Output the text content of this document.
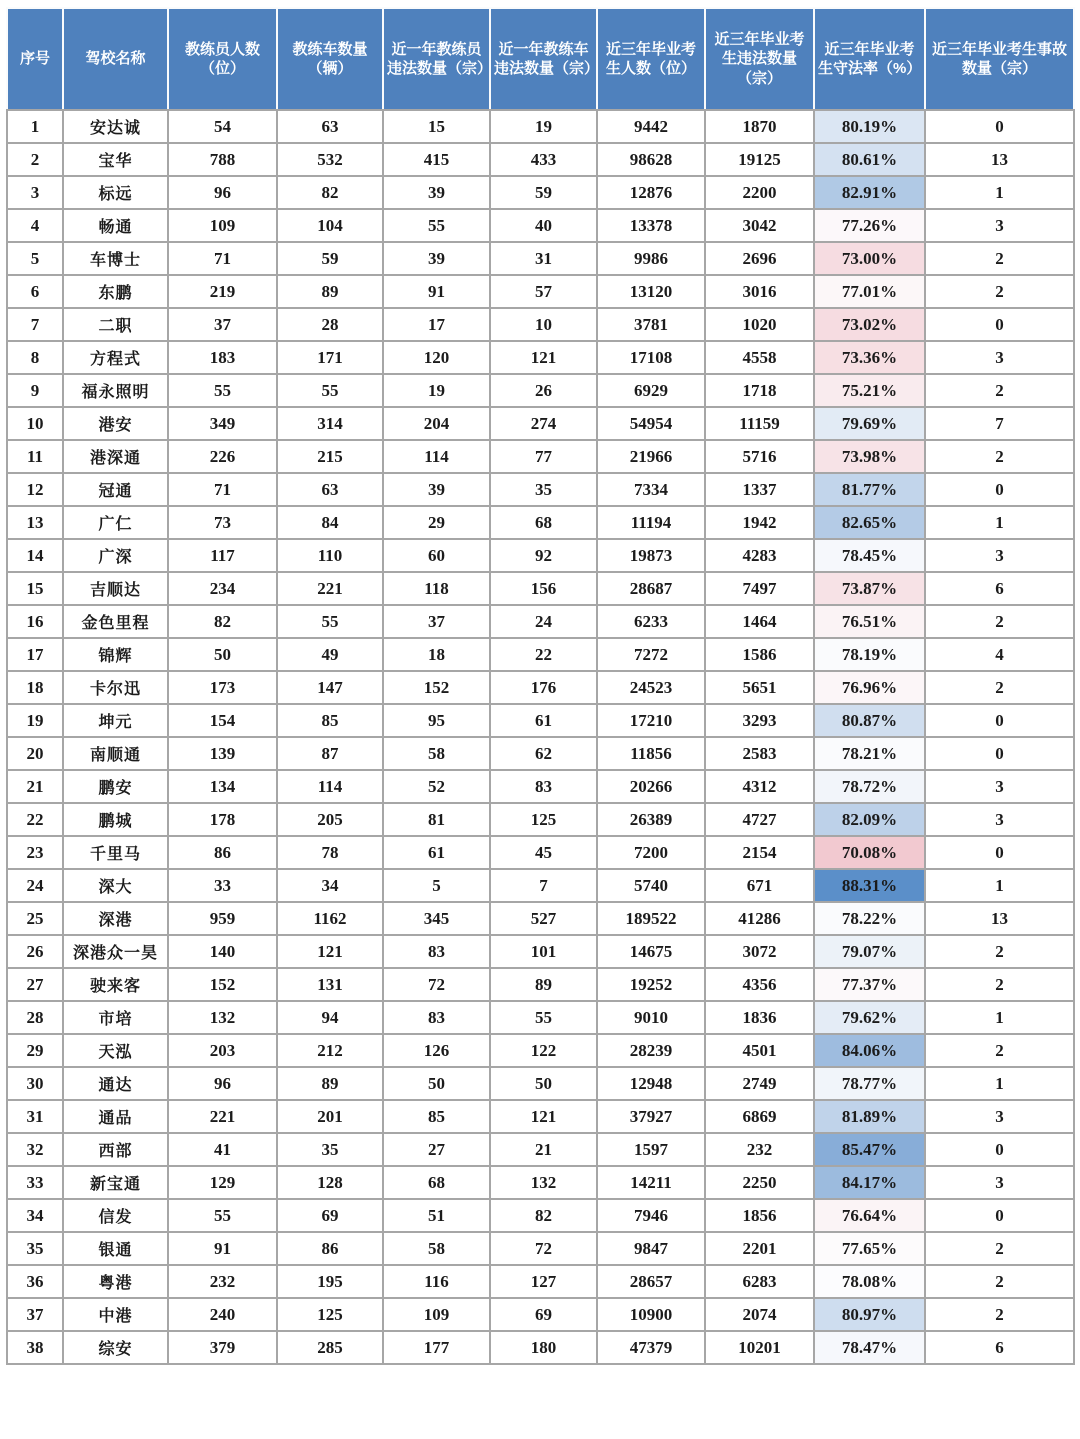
序号	驾校名称	教练员人数（位）	教练车数量（辆）	近一年教练员违法数量（宗）	近一年教练车违法数量（宗）	近三年毕业考生人数（位）	近三年毕业考生违法数量（宗）	近三年毕业考生守法率（%）	近三年毕业考生事故数量（宗）
1	安达诚	54	63	15	19	9442	1870	80.19%	0
2	宝华	788	532	415	433	98628	19125	80.61%	13
3	标远	96	82	39	59	12876	2200	82.91%	1
4	畅通	109	104	55	40	13378	3042	77.26%	3
5	车博士	71	59	39	31	9986	2696	73.00%	2
6	东鹏	219	89	91	57	13120	3016	77.01%	2
7	二职	37	28	17	10	3781	1020	73.02%	0
8	方程式	183	171	120	121	17108	4558	73.36%	3
9	福永照明	55	55	19	26	6929	1718	75.21%	2
10	港安	349	314	204	274	54954	11159	79.69%	7
11	港深通	226	215	114	77	21966	5716	73.98%	2
12	冠通	71	63	39	35	7334	1337	81.77%	0
13	广仁	73	84	29	68	11194	1942	82.65%	1
14	广深	117	110	60	92	19873	4283	78.45%	3
15	吉顺达	234	221	118	156	28687	7497	73.87%	6
16	金色里程	82	55	37	24	6233	1464	76.51%	2
17	锦辉	50	49	18	22	7272	1586	78.19%	4
18	卡尔迅	173	147	152	176	24523	5651	76.96%	2
19	坤元	154	85	95	61	17210	3293	80.87%	0
20	南顺通	139	87	58	62	11856	2583	78.21%	0
21	鹏安	134	114	52	83	20266	4312	78.72%	3
22	鹏城	178	205	81	125	26389	4727	82.09%	3
23	千里马	86	78	61	45	7200	2154	70.08%	0
24	深大	33	34	5	7	5740	671	88.31%	1
25	深港	959	1162	345	527	189522	41286	78.22%	13
26	深港众一昊	140	121	83	101	14675	3072	79.07%	2
27	驶来客	152	131	72	89	19252	4356	77.37%	2
28	市培	132	94	83	55	9010	1836	79.62%	1
29	天泓	203	212	126	122	28239	4501	84.06%	2
30	通达	96	89	50	50	12948	2749	78.77%	1
31	通品	221	201	85	121	37927	6869	81.89%	3
32	西部	41	35	27	21	1597	232	85.47%	0
33	新宝通	129	128	68	132	14211	2250	84.17%	3
34	信发	55	69	51	82	7946	1856	76.64%	0
35	银通	91	86	58	72	9847	2201	77.65%	2
36	粤港	232	195	116	127	28657	6283	78.08%	2
37	中港	240	125	109	69	10900	2074	80.97%	2
38	综安	379	285	177	180	47379	10201	78.47%	6
